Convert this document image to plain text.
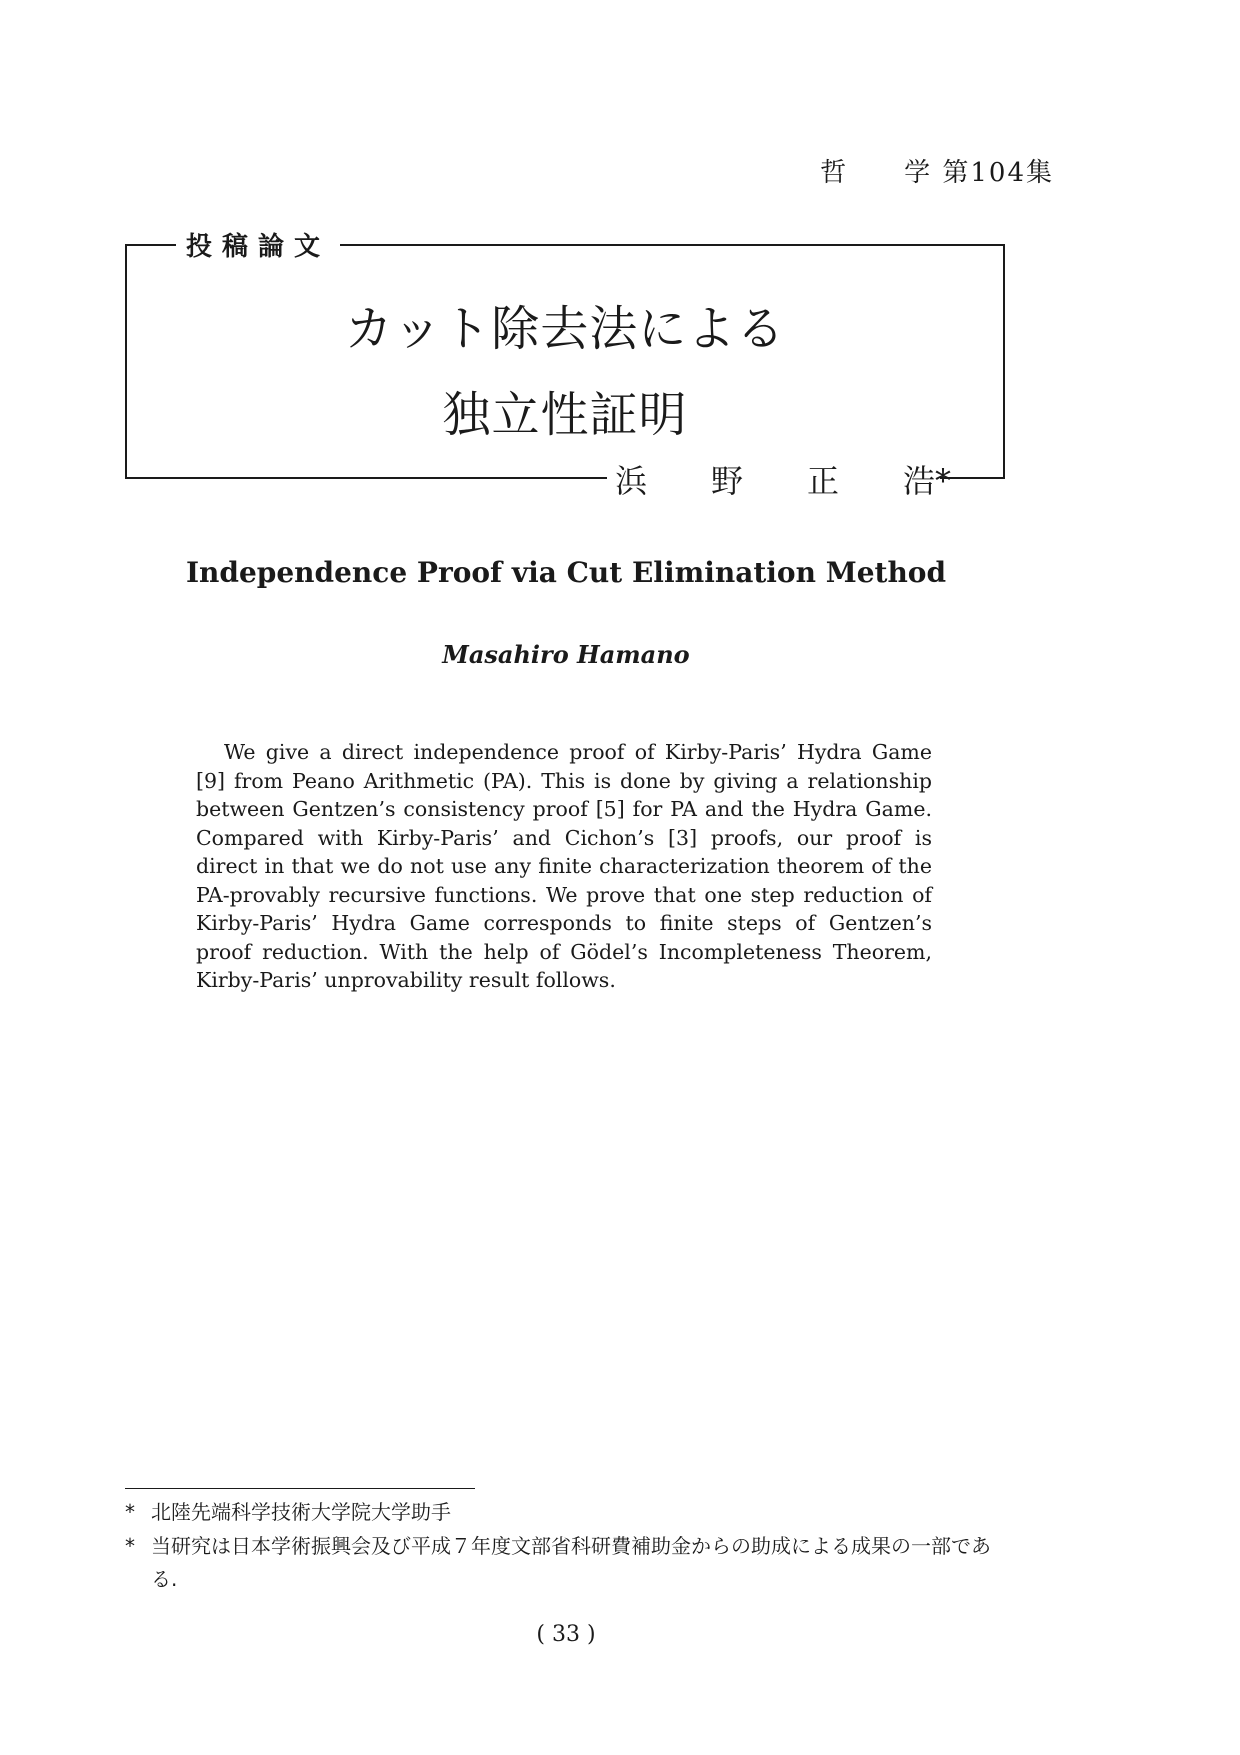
哲　　学 第104集
投稿論文
カット除去法による
独立性証明
浜　　野　　正　　浩*
Independence Proof via Cut Elimination Method
Masahiro Hamano

We give a direct independence proof of Kirby-Paris’ Hydra Game [9] from Peano Arithmetic (PA). This is done by giving a relationship between Gentzen’s consistency proof [5] for PA and the Hydra Game. Compared with Kirby-Paris’ and Cichon’s [3] proofs, our proof is direct in that we do not use any finite characterization theorem of the PA-provably recursive functions. We prove that one step reduction of Kirby-Paris’ Hydra Game corresponds to finite steps of Gentzen’s proof reduction. With the help of Gödel’s Incompleteness Theorem, Kirby-Paris’ unprovability result follows.

* 北陸先端科学技術大学院大学助手
* 当研究は日本学術振興会及び平成７年度文部省科研費補助金からの助成による成果の一部である.
( 33 )
